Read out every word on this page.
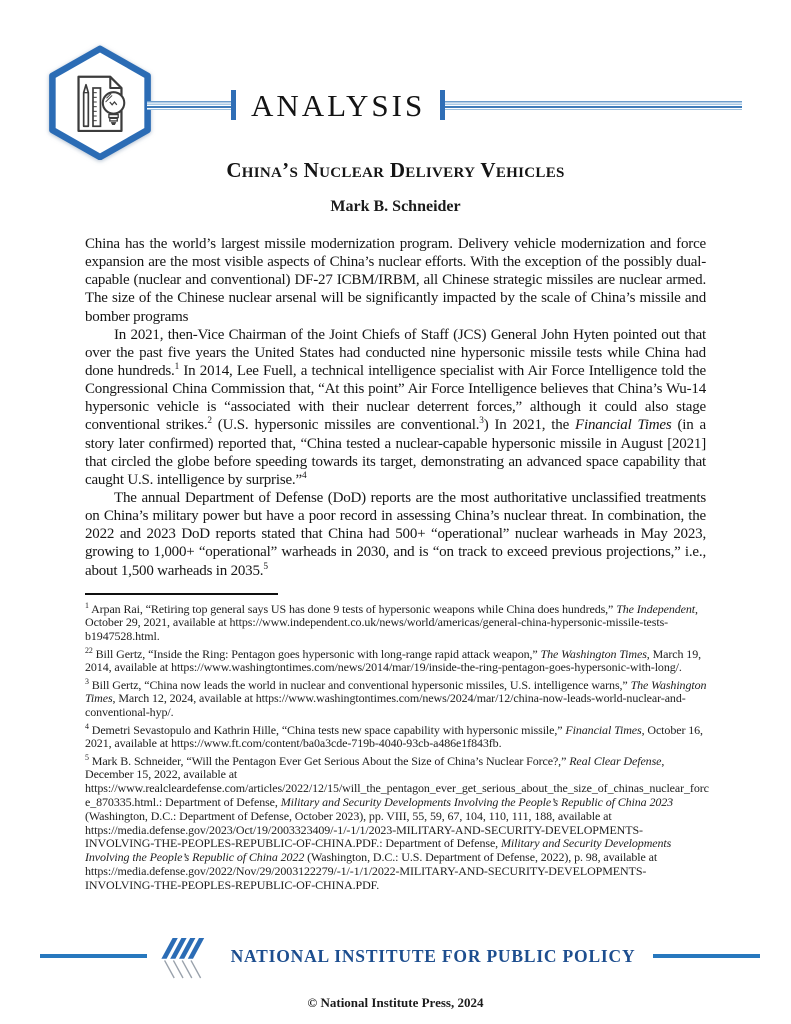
ANALYSIS
China’s Nuclear Delivery Vehicles
Mark B. Schneider

China has the world’s largest missile modernization program. Delivery vehicle modernization and force expansion are the most visible aspects of China’s nuclear efforts. With the exception of the possibly dual-capable (nuclear and conventional) DF-27 ICBM/IRBM, all Chinese strategic missiles are nuclear armed. The size of the Chinese nuclear arsenal will be significantly impacted by the scale of China’s missile and bomber programs

In 2021, then-Vice Chairman of the Joint Chiefs of Staff (JCS) General John Hyten pointed out that over the past five years the United States had conducted nine hypersonic missile tests while China had done hundreds.$^1$ In 2014, Lee Fuell, a technical intelligence specialist with Air Force Intelligence told the Congressional China Commission that, “At this point” Air Force Intelligence believes that China’s Wu-14 hypersonic vehicle is “associated with their nuclear deterrent forces,” although it could also stage conventional strikes.$^2$ (U.S. hypersonic missiles are conventional.$^3$) In 2021, the Financial Times (in a story later confirmed) reported that, “China tested a nuclear-capable hypersonic missile in August [2021] that circled the globe before speeding towards its target, demonstrating an advanced space capability that caught U.S. intelligence by surprise.”$^4$

The annual Department of Defense (DoD) reports are the most authoritative unclassified treatments on China’s military power but have a poor record in assessing China’s nuclear threat. In combination, the 2022 and 2023 DoD reports stated that China had 500+ “operational” nuclear warheads in May 2023, growing to 1,000+ “operational” warheads in 2030, and is “on track to exceed previous projections,” i.e., about 1,500 warheads in 2035.$^5$

$^1$ Arpan Rai, “Retiring top general says US has done 9 tests of hypersonic weapons while China does hundreds,” The Independent, October 29, 2021, available at https://www.independent.co.uk/news/world/americas/general-china-hypersonic-missile-tests-b1947528.html.
$^{22}$ Bill Gertz, “Inside the Ring: Pentagon goes hypersonic with long-range rapid attack weapon,” The Washington Times, March 19, 2014, available at https://www.washingtontimes.com/news/2014/mar/19/inside-the-ring-pentagon-goes-hypersonic-with-long/.
$^3$ Bill Gertz, “China now leads the world in nuclear and conventional hypersonic missiles, U.S. intelligence warns,” The Washington Times, March 12, 2024, available at https://www.washingtontimes.com/news/2024/mar/12/china-now-leads-world-nuclear-and-conventional-hyp/.
$^4$ Demetri Sevastopulo and Kathrin Hille, “China tests new space capability with hypersonic missile,” Financial Times, October 16, 2021, available at https://www.ft.com/content/ba0a3cde-719b-4040-93cb-a486e1f843fb.
$^5$ Mark B. Schneider, “Will the Pentagon Ever Get Serious About the Size of China’s Nuclear Force?,” Real Clear Defense, December 15, 2022, available at https://www.realcleardefense.com/articles/2022/12/15/will_the_pentagon_ever_get_serious_about_the_size_of_chinas_nuclear_force_870335.html.: Department of Defense, Military and Security Developments Involving the People’s Republic of China 2023 (Washington, D.C.: Department of Defense, October 2023), pp. VIII, 55, 59, 67, 104, 110, 111, 188, available at https://media.defense.gov/2023/Oct/19/2003323409/-1/-1/1/2023-MILITARY-AND-SECURITY-DEVELOPMENTS-INVOLVING-THE-PEOPLES-REPUBLIC-OF-CHINA.PDF.: Department of Defense, Military and Security Developments Involving the People’s Republic of China 2022 (Washington, D.C.: U.S. Department of Defense, 2022), p. 98, available at https://media.defense.gov/2022/Nov/29/2003122279/-1/-1/1/2022-MILITARY-AND-SECURITY-DEVELOPMENTS-INVOLVING-THE-PEOPLES-REPUBLIC-OF-CHINA.PDF.
NATIONAL INSTITUTE FOR PUBLIC POLICY
© National Institute Press, 2024
